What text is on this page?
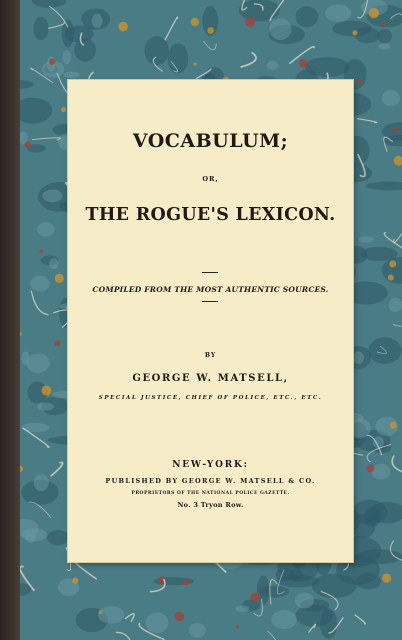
VOCABULUM;

OR,

THE ROGUE'S LEXICON.

COMPILED FROM THE MOST AUTHENTIC SOURCES.

BY

GEORGE W. MATSELL,

SPECIAL JUSTICE, CHIEF OF POLICE, ETC., ETC.

NEW-YORK:

PUBLISHED BY GEORGE W. MATSELL & CO.

PROPRIETORS OF THE NATIONAL POLICE GAZETTE.

No. 3 Tryon Row.
